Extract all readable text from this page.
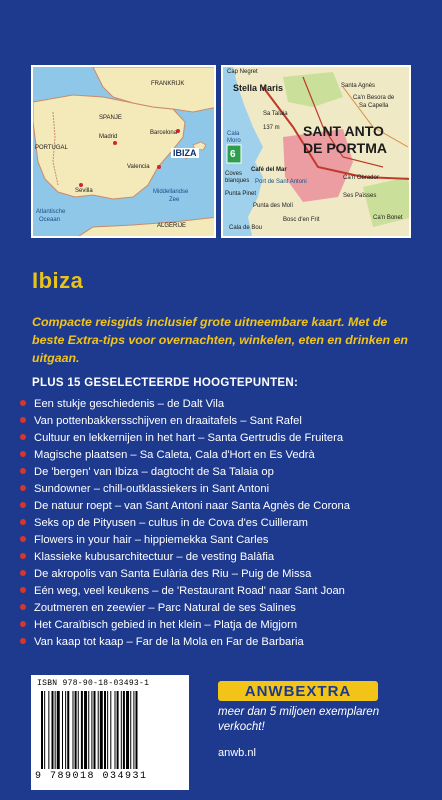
FRANKRIJK
SPANJE
PORTUGAL
Madrid
Barcelona
IBIZA
Valencia
Sevilla	Middellandse
Zee
Atlantische
Oceaan
ALGERIJE
Cap Negret
Stella Maris	Santa Agnès
Ca'n Besora de
Sa Capella
Sa Talaia
137 m SANT ANTO
DE PORTMA
Cala
Moro
6
Café del Mar
Coves
blanques Port de Sant Antoni
Ca'n Obrador
Punta Pinet
Punta des Molí
Ses Païsses
Bosc d'en Frit	Ca'n Bonet
Cala de Bou
Ibiza

Compacte reisgids inclusief grote uitneembare kaart. Met de beste Extra-tips voor overnachten, winkelen, eten en drinken en uitgaan.

PLUS 15 GESELECTEERDE HOOGTEPUNTEN:
Een stukje geschiedenis – de Dalt Vila
Van pottenbakkersschijven en draaitafels – Sant Rafel
Cultuur en lekkernijen in het hart – Santa Gertrudis de Fruitera
Magische plaatsen – Sa Caleta, Cala d'Hort en Es Vedrà
De 'bergen' van Ibiza – dagtocht de Sa Talaia op
Sundowner – chill-outklassiekers in Sant Antoni
De natuur roept – van Sant Antoni naar Santa Agnès de Corona
Seks op de Pityusen – cultus in de Cova d'es Cuilleram
Flowers in your hair – hippiemekka Sant Carles
Klassieke kubusarchitectuur – de vesting Balàfia
De akropolis van Santa Eulària des Riu – Puig de Missa
Eén weg, veel keukens – de 'Restaurant Road' naar Sant Joan
Zoutmeren en zeewier – Parc Natural de ses Salines
Het Caraïbisch gebied in het klein – Platja de Migjorn
Van kaap tot kaap – Far de la Mola en Far de Barbaria
ISBN 978-90-18-03493-1
9 789018 034931
ANWB EXTRA
meer dan 5 miljoen exemplaren verkocht!
anwb.nl
